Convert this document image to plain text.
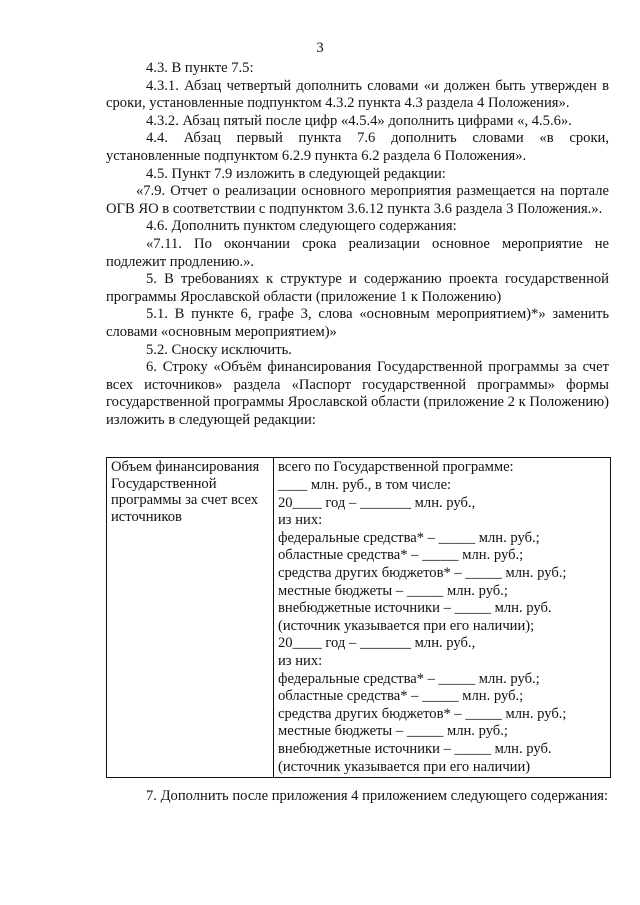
3

4.3. В пункте 7.5:

4.3.1. Абзац четвертый дополнить словами «и должен быть утвержден в сроки, установленные подпунктом 4.3.2 пункта 4.3 раздела 4 Положения».

4.3.2. Абзац пятый после цифр «4.5.4» дополнить цифрами «, 4.5.6».

4.4. Абзац первый пункта 7.6 дополнить словами «в сроки, установленные подпунктом 6.2.9 пункта 6.2 раздела 6 Положения».

4.5. Пункт 7.9 изложить в следующей редакции:

«7.9. Отчет о реализации основного мероприятия размещается на портале ОГВ ЯО в соответствии с подпунктом 3.6.12 пункта 3.6 раздела 3 Положения.».

4.6. Дополнить пунктом следующего содержания:

«7.11. По окончании срока реализации основное мероприятие не подлежит продлению.».

5. В требованиях к структуре и содержанию проекта государственной программы Ярославской области (приложение 1 к Положению)

5.1. В пункте 6, графе 3, слова «основным мероприятием)*» заменить словами «основным мероприятием)»

5.2. Сноску исключить.

6. Строку «Объём финансирования Государственной программы за счет всех источников» раздела «Паспорт государственной программы» формы государственной программы Ярославской области (приложение 2 к Положению) изложить в следующей редакции:

Объем финансирования
Государственной
программы за счет всех
источников
всего по Государственной программе:
____ млн. руб., в том числе:
20____ год – _______ млн. руб.,
из них:
федеральные средства* – _____ млн. руб.;
областные средства* – _____ млн. руб.;
средства других бюджетов* – _____ млн. руб.;
местные бюджеты – _____ млн. руб.;
внебюджетные источники – _____ млн. руб.
(источник указывается при его наличии);
20____ год – _______ млн. руб.,
из них:
федеральные средства* – _____ млн. руб.;
областные средства* – _____ млн. руб.;
средства других бюджетов* – _____ млн. руб.;
местные бюджеты – _____ млн. руб.;
внебюджетные источники – _____ млн. руб.
(источник указывается при его наличии)

7. Дополнить после приложения 4 приложением следующего содержания:
